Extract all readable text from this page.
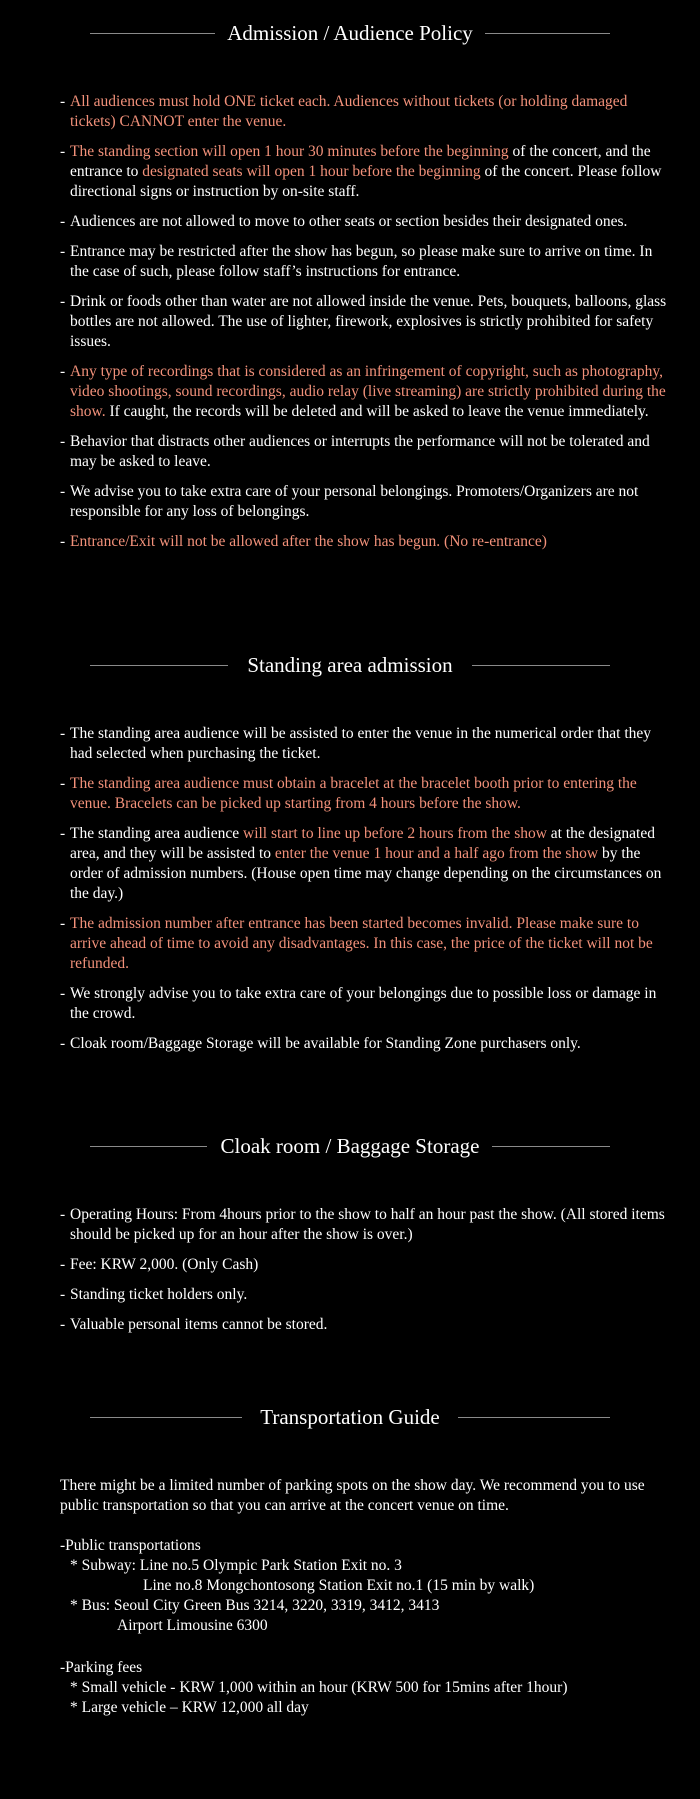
Admission / Audience Policy
- All audiences must hold ONE ticket each. Audiences without tickets (or holding damaged tickets) CANNOT enter the venue.
- The standing section will open 1 hour 30 minutes before the beginning of the concert, and the entrance to designated seats will open 1 hour before the beginning of the concert. Please follow directional signs or instruction by on-site staff.
- Audiences are not allowed to move to other seats or section besides their designated ones.
- Entrance may be restricted after the show has begun, so please make sure to arrive on time. In the case of such, please follow staff’s instructions for entrance.
- Drink or foods other than water are not allowed inside the venue. Pets, bouquets, balloons, glass bottles are not allowed. The use of lighter, firework, explosives is strictly prohibited for safety issues.
- Any type of recordings that is considered as an infringement of copyright, such as photography, video shootings, sound recordings, audio relay (live streaming) are strictly prohibited during the show. If caught, the records will be deleted and will be asked to leave the venue immediately.
- Behavior that distracts other audiences or interrupts the performance will not be tolerated and may be asked to leave.
- We advise you to take extra care of your personal belongings. Promoters/Organizers are not responsible for any loss of belongings.
- Entrance/Exit will not be allowed after the show has begun. (No re-entrance)
Standing area admission
- The standing area audience will be assisted to enter the venue in the numerical order that they had selected when purchasing the ticket.
- The standing area audience must obtain a bracelet at the bracelet booth prior to entering the venue. Bracelets can be picked up starting from 4 hours before the show.
- The standing area audience will start to line up before 2 hours from the show at the designated area, and they will be assisted to enter the venue 1 hour and a half ago from the show by the order of admission numbers. (House open time may change depending on the circumstances on the day.)
- The admission number after entrance has been started becomes invalid. Please make sure to arrive ahead of time to avoid any disadvantages. In this case, the price of the ticket will not be refunded.
- We strongly advise you to take extra care of your belongings due to possible loss or damage in the crowd.
- Cloak room/Baggage Storage will be available for Standing Zone purchasers only.
Cloak room / Baggage Storage
- Operating Hours: From 4hours prior to the show to half an hour past the show. (All stored items should be picked up for an hour after the show is over.)
- Fee: KRW 2,000. (Only Cash)
- Standing ticket holders only.
- Valuable personal items cannot be stored.
Transportation Guide
There might be a limited number of parking spots on the show day. We recommend you to use public transportation so that you can arrive at the concert venue on time.
-Public transportations
* Subway: Line no.5 Olympic Park Station Exit no. 3
Line no.8 Mongchontosong Station Exit no.1 (15 min by walk)
* Bus: Seoul City Green Bus 3214, 3220, 3319, 3412, 3413
Airport Limousine 6300
-Parking fees
* Small vehicle - KRW 1,000 within an hour (KRW 500 for 15mins after 1hour)
* Large vehicle – KRW 12,000 all day
